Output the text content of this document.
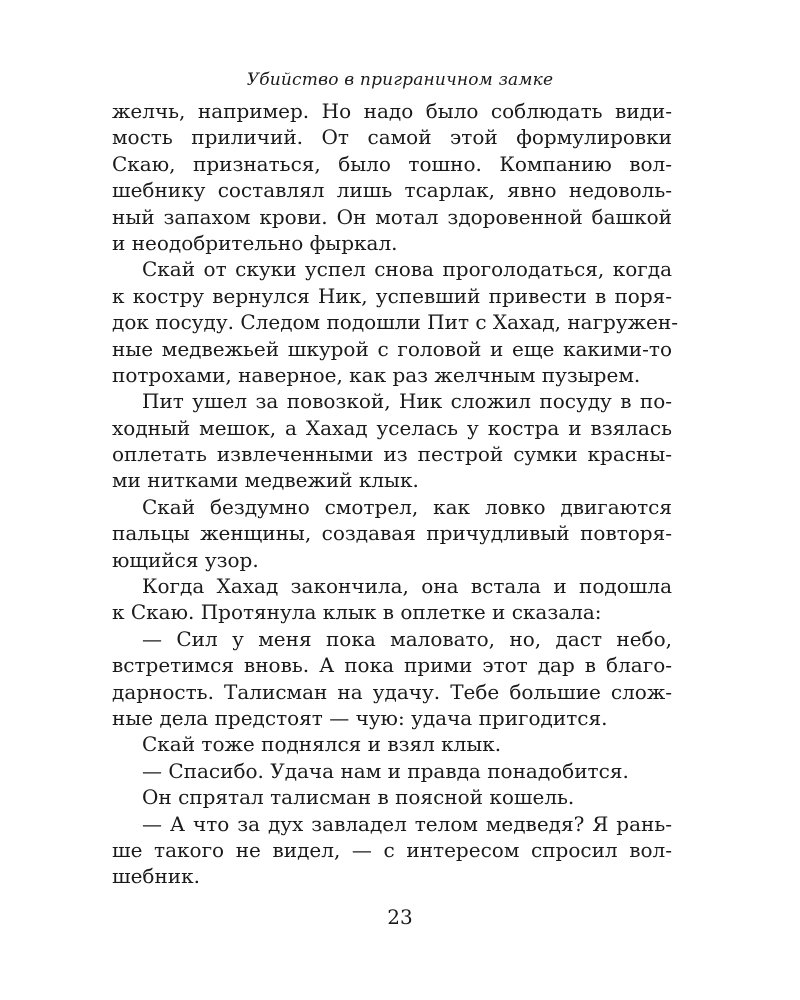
Убийство в приграничном замке
желчь, например. Но надо было соблюдать види-
мость приличий. От самой этой формулировки
Скаю, признаться, было тошно. Компанию вол-
шебнику составлял лишь тсарлак, явно недоволь-
ный запахом крови. Он мотал здоровенной башкой
и неодобрительно фыркал.
Скай от скуки успел снова проголодаться, когда
к костру вернулся Ник, успевший привести в поря-
док посуду. Следом подошли Пит с Хахад, нагружен-
ные медвежьей шкурой с головой и еще какими-то
потрохами, наверное, как раз желчным пузырем.
Пит ушел за повозкой, Ник сложил посуду в по-
ходный мешок, а Хахад уселась у костра и взялась
оплетать извлеченными из пестрой сумки красны-
ми нитками медвежий клык.
Скай бездумно смотрел, как ловко двигаются
пальцы женщины, создавая причудливый повторя-
ющийся узор.
Когда Хахад закончила, она встала и подошла
к Скаю. Протянула клык в оплетке и сказала:
— Сил у меня пока маловато, но, даст небо,
встретимся вновь. А пока прими этот дар в благо-
дарность. Талисман на удачу. Тебе большие слож-
ные дела предстоят — чую: удача пригодится.
Скай тоже поднялся и взял клык.
— Спасибо. Удача нам и правда понадобится.
Он спрятал талисман в поясной кошель.
— А что за дух завладел телом медведя? Я рань-
ше такого не видел, — с интересом спросил вол-
шебник.
23
